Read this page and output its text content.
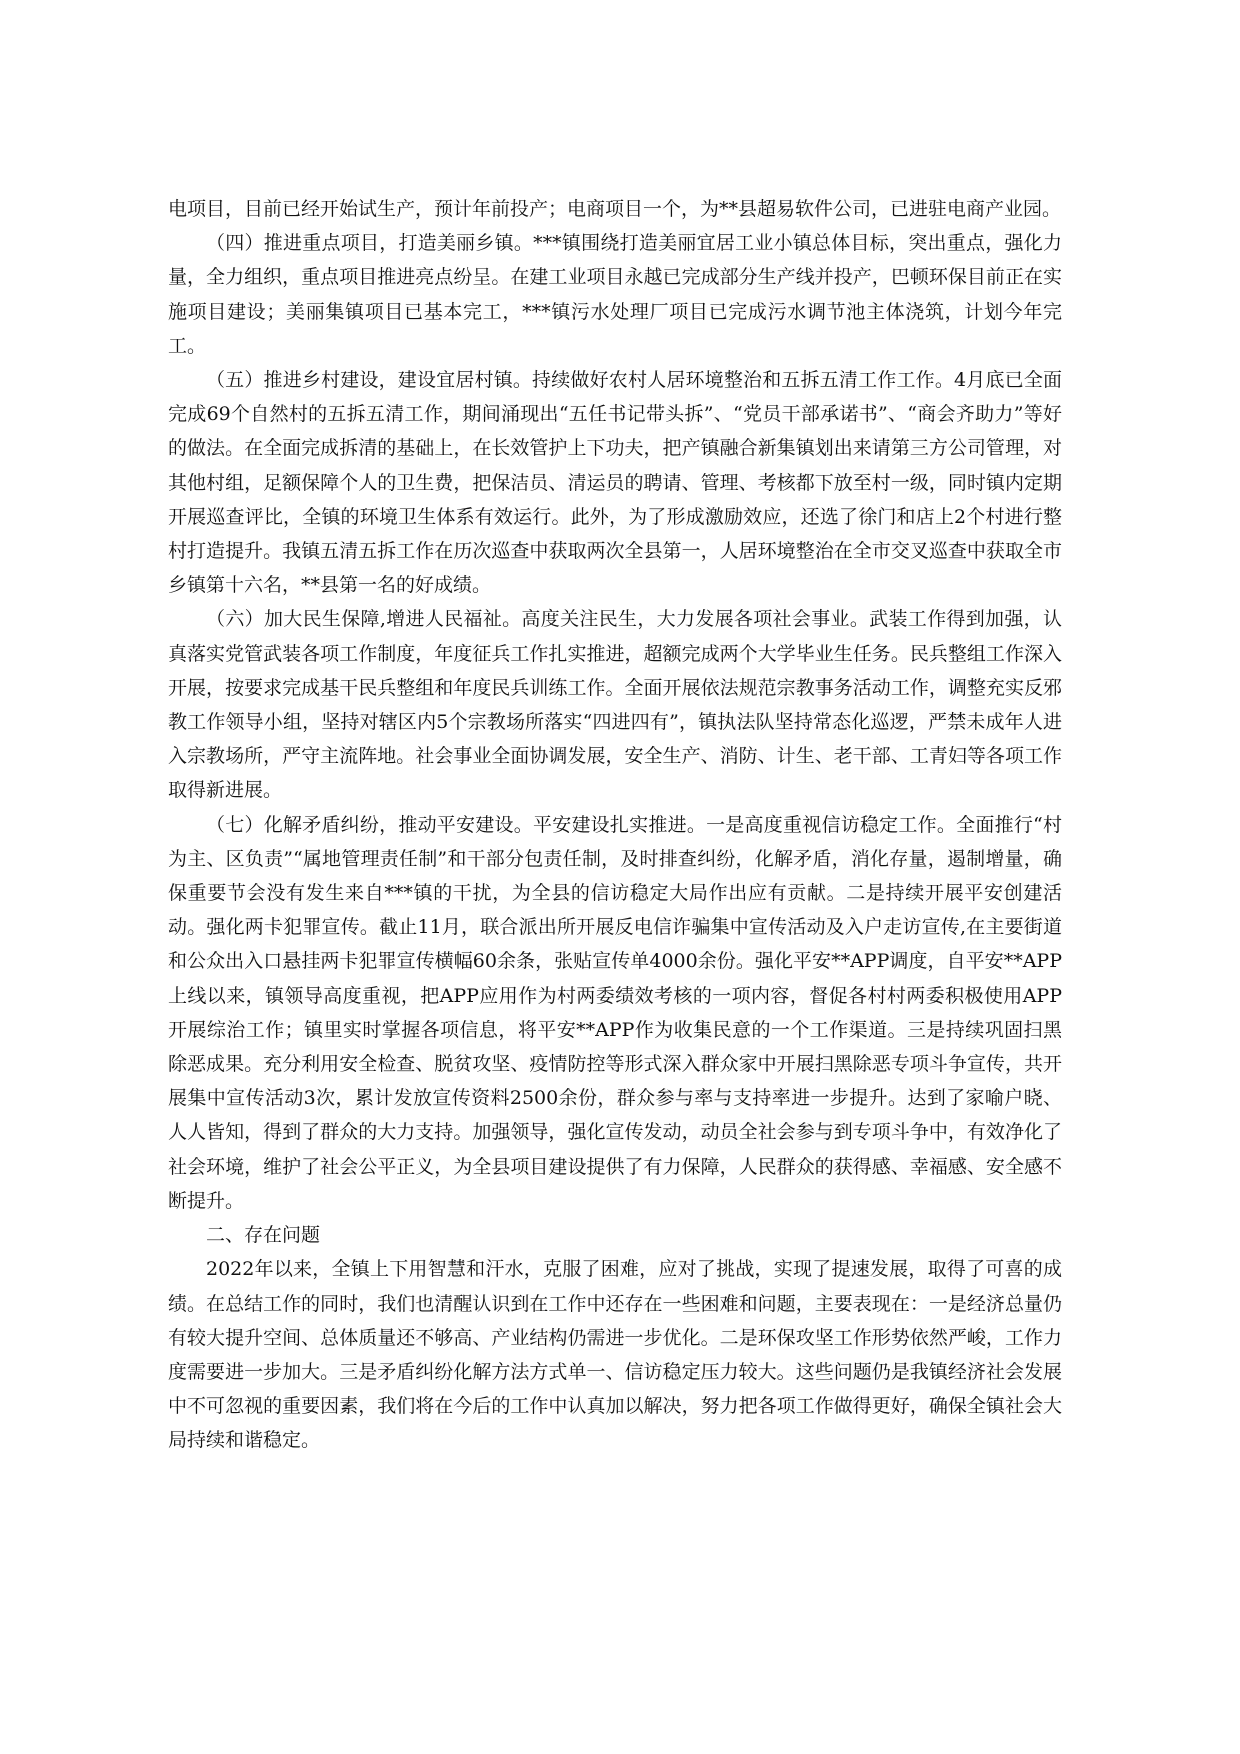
电项目，目前已经开始试生产，预计年前投产；电商项目一个，为**县超易软件公司，已进驻电商产业园。

（四）推进重点项目，打造美丽乡镇。***镇围绕打造美丽宜居工业小镇总体目标，突出重点，强化力量，全力组织，重点项目推进亮点纷呈。在建工业项目永越已完成部分生产线并投产，巴顿环保目前正在实施项目建设；美丽集镇项目已基本完工，***镇污水处理厂项目已完成污水调节池主体浇筑，计划今年完工。

（五）推进乡村建设，建设宜居村镇。持续做好农村人居环境整治和五拆五清工作工作。4月底已全面完成69个自然村的五拆五清工作，期间涌现出“五任书记带头拆”、“党员干部承诺书”、“商会齐助力”等好的做法。在全面完成拆清的基础上，在长效管护上下功夫，把产镇融合新集镇划出来请第三方公司管理，对其他村组，足额保障个人的卫生费，把保洁员、清运员的聘请、管理、考核都下放至村一级，同时镇内定期开展巡查评比，全镇的环境卫生体系有效运行。此外，为了形成激励效应，还选了徐门和店上2个村进行整村打造提升。我镇五清五拆工作在历次巡查中获取两次全县第一，人居环境整治在全市交叉巡查中获取全市乡镇第十六名，**县第一名的好成绩。

（六）加大民生保障,增进人民福祉。高度关注民生，大力发展各项社会事业。武装工作得到加强，认真落实党管武装各项工作制度，年度征兵工作扎实推进，超额完成两个大学毕业生任务。民兵整组工作深入开展，按要求完成基干民兵整组和年度民兵训练工作。全面开展依法规范宗教事务活动工作，调整充实反邪教工作领导小组，坚持对辖区内5个宗教场所落实“四进四有”，镇执法队坚持常态化巡逻，严禁未成年人进入宗教场所，严守主流阵地。社会事业全面协调发展，安全生产、消防、计生、老干部、工青妇等各项工作取得新进展。

（七）化解矛盾纠纷，推动平安建设。平安建设扎实推进。一是高度重视信访稳定工作。全面推行“村为主、区负责”“属地管理责任制”和干部分包责任制，及时排查纠纷，化解矛盾，消化存量，遏制增量，确保重要节会没有发生来自***镇的干扰，为全县的信访稳定大局作出应有贡献。二是持续开展平安创建活动。强化两卡犯罪宣传。截止11月，联合派出所开展反电信诈骗集中宣传活动及入户走访宣传,在主要街道和公众出入口悬挂两卡犯罪宣传横幅60余条，张贴宣传单4000余份。强化平安**APP调度，自平安**APP上线以来，镇领导高度重视，把APP应用作为村两委绩效考核的一项内容，督促各村村两委积极使用APP开展综治工作；镇里实时掌握各项信息，将平安**APP作为收集民意的一个工作渠道。三是持续巩固扫黑除恶成果。充分利用安全检查、脱贫攻坚、疫情防控等形式深入群众家中开展扫黑除恶专项斗争宣传，共开展集中宣传活动3次，累计发放宣传资料2500余份，群众参与率与支持率进一步提升。达到了家喻户晓、人人皆知，得到了群众的大力支持。加强领导，强化宣传发动，动员全社会参与到专项斗争中，有效净化了社会环境，维护了社会公平正义，为全县项目建设提供了有力保障，人民群众的获得感、幸福感、安全感不断提升。

二、存在问题

2022年以来，全镇上下用智慧和汗水，克服了困难，应对了挑战，实现了提速发展，取得了可喜的成绩。在总结工作的同时，我们也清醒认识到在工作中还存在一些困难和问题，主要表现在：一是经济总量仍有较大提升空间、总体质量还不够高、产业结构仍需进一步优化。二是环保攻坚工作形势依然严峻，工作力度需要进一步加大。三是矛盾纠纷化解方法方式单一、信访稳定压力较大。这些问题仍是我镇经济社会发展中不可忽视的重要因素，我们将在今后的工作中认真加以解决，努力把各项工作做得更好，确保全镇社会大局持续和谐稳定。
